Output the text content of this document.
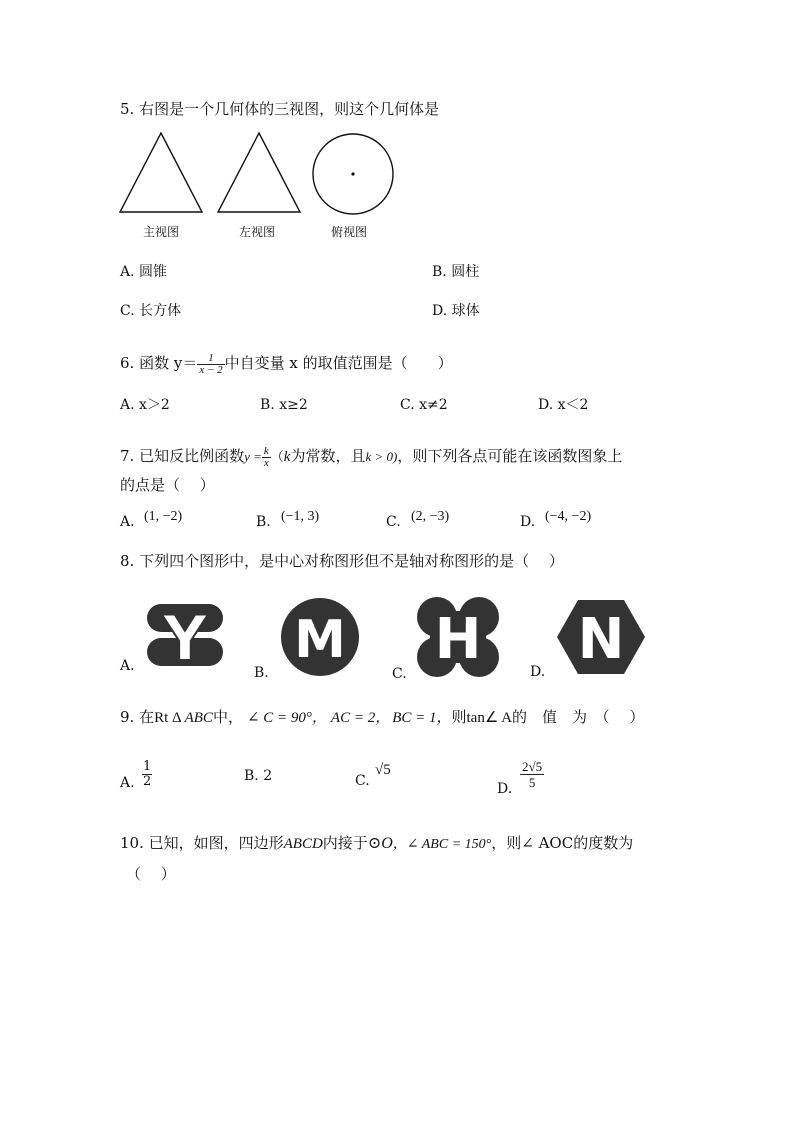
5. 右图是一个几何体的三视图，则这个几何体是
主视图	左视图	俯视图
A. 圆锥	B. 圆柱
C. 长方体	D. 球体
6. 函数 $y= \frac{1}{x - 2}$ 中自变量 x 的取值范围是（　　）
A. x＞2	B. x≥2	C. x≠2	D. x＜2
7. 已知反比例函数$y = \frac{k}{x} (k$为常数，且k > 0)，则下列各点可能在该函数图象上
的点是（　 ）
A. (1, −2)	B. (−1, 3)	C. (2, −3)	D. (−4, −2)
8. 下列四个图形中，是中心对称图形但不是轴对称图形的是（　 ）
Y
A.	M
B.
H
C.
N
D.
9. 在Rt Δ ABC中， ∠ C = 90°， AC = 2， BC = 1，则tan∠ A的　值　为　（　 ）
A. $\frac{1}{2}$	B. 2	C.
√5
D. $\frac{2√5}{5}$
10. 已知，如图，四边形ABCD内接于⊙O，∠ ABC = 150°，则∠ AOC的度数为
（　 ）
